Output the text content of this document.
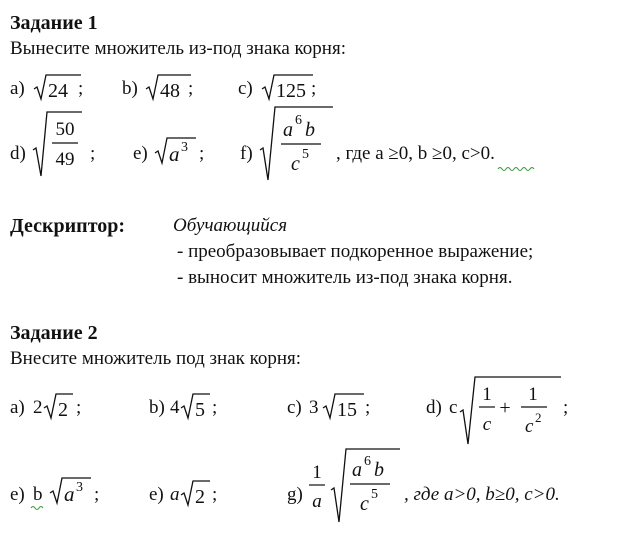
Задание 1
Вынесите множитель из-под знака корня:
a) 24 ; b) 48 ; c) 125 ;
d)
50
49 ; e) a 3 ; f)
a 6 b
c 5 , где a ≥0, b ≥0, c>0.
Дескриптор:	Обучающийся
- преобразовывает подкоренное выражение;
- выносит множитель из-под знака корня.
Задание 2
Внесите множитель под знак корня:
a) 2 2 ;	b) 4 5 ;	c) 3 15 ;	d) c
1
c
+
1
c 2 ;
e) b a 3 ;	e) a 2 ;	g)
1
a
a 6 b
c 5 , где a>0, b≥0, c>0.
